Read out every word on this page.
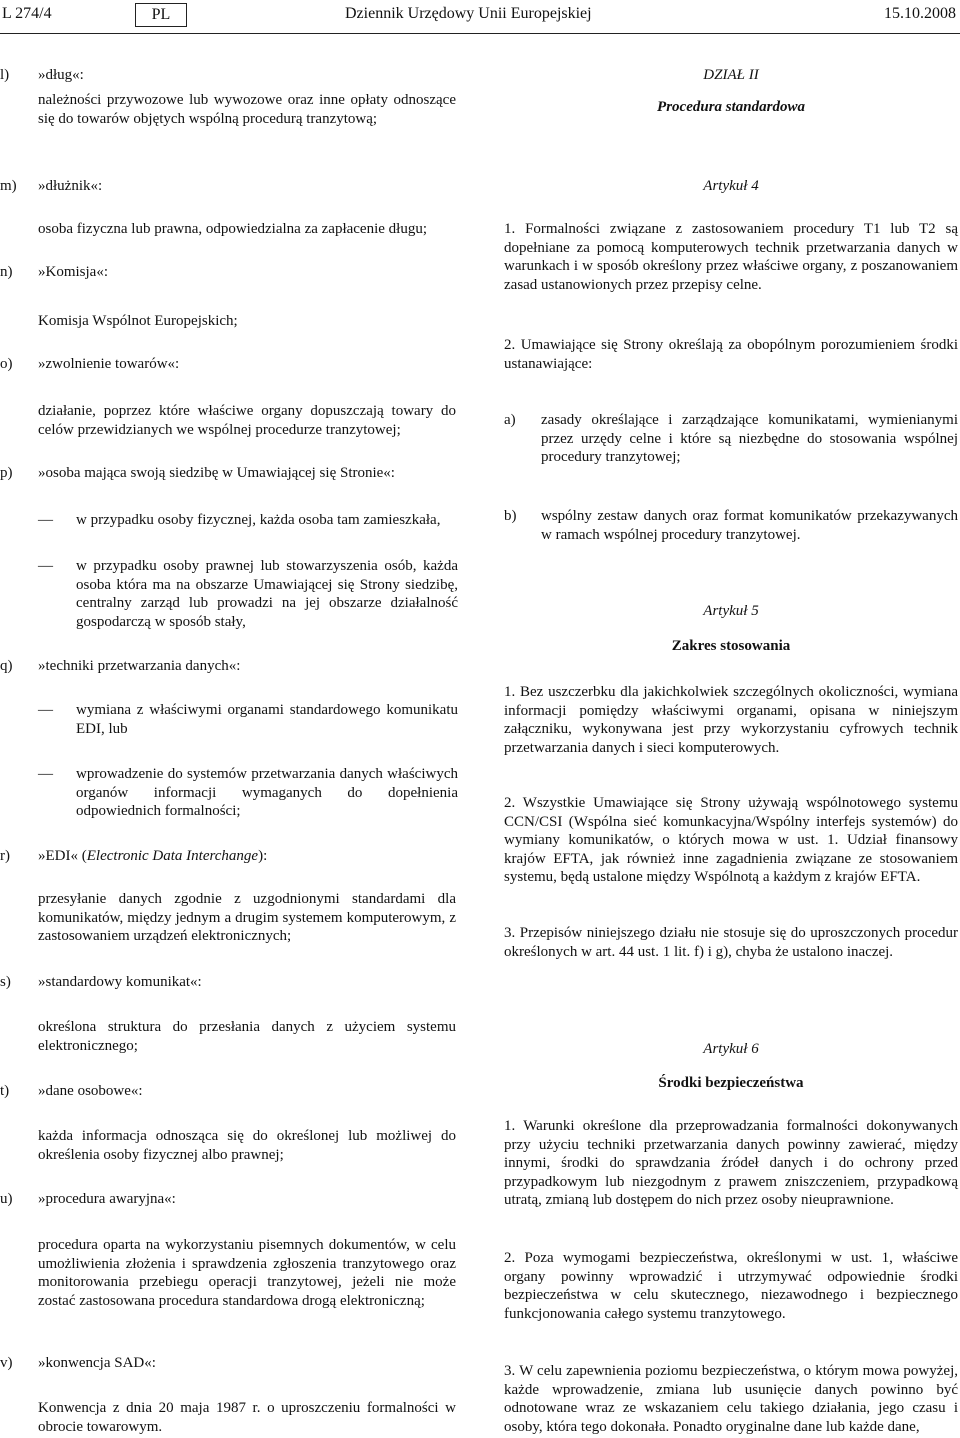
L 274/4	PL	Dziennik Urzędowy Unii Europejskiej	15.10.2008
l) »dług«:
należności przywozowe lub wywozowe oraz inne opłaty odnoszące się do towarów objętych wspólną procedurą tranzytową;
m) »dłużnik«:
osoba fizyczna lub prawna, odpowiedzialna za zapłacenie długu;
n) »Komisja«:
Komisja Wspólnot Europejskich;
o) »zwolnienie towarów«:
działanie, poprzez które właściwe organy dopuszczają towary do celów przewidzianych we wspólnej procedurze tranzytowej;
p) »osoba mająca swoją siedzibę w Umawiającej się Stronie«:
— w przypadku osoby fizycznej, każda osoba tam zamieszkała,
— w przypadku osoby prawnej lub stowarzyszenia osób, każda osoba która ma na obszarze Umawiającej się Strony siedzibę, centralny zarząd lub prowadzi na jej obszarze działalność gospodarczą w sposób stały,
q) »techniki przetwarzania danych«:
— wymiana z właściwymi organami standardowego komunikatu EDI, lub
— wprowadzenie do systemów przetwarzania danych właściwych organów informacji wymaganych do dopełnienia odpowiednich formalności;
r) »EDI« (Electronic Data Interchange):
przesyłanie danych zgodnie z uzgodnionymi standardami dla komunikatów, między jednym a drugim systemem komputerowym, z zastosowaniem urządzeń elektronicznych;
s) »standardowy komunikat«:
określona struktura do przesłania danych z użyciem systemu elektronicznego;
t) »dane osobowe«:
każda informacja odnosząca się do określonej lub możliwej do określenia osoby fizycznej albo prawnej;
u) »procedura awaryjna«:
procedura oparta na wykorzystaniu pisemnych dokumentów, w celu umożliwienia złożenia i sprawdzenia zgłoszenia tranzytowego oraz monitorowania przebiegu operacji tranzytowej, jeżeli nie może zostać zastosowana procedura standardowa drogą elektroniczną;
v) »konwencja SAD«:
Konwencja z dnia 20 maja 1987 r. o uproszczeniu formalności w obrocie towarowym.
DZIAŁ II
Procedura standardowa
Artykuł 4
1. Formalności związane z zastosowaniem procedury T1 lub T2 są dopełniane za pomocą komputerowych technik przetwarzania danych w warunkach i w sposób określony przez właściwe organy, z poszanowaniem zasad ustanowionych przez przepisy celne.
2. Umawiające się Strony określają za obopólnym porozumieniem środki ustanawiające:
a) zasady określające i zarządzające komunikatami, wymienianymi przez urzędy celne i które są niezbędne do stosowania wspólnej procedury tranzytowej;
b) wspólny zestaw danych oraz format komunikatów przekazywanych w ramach wspólnej procedury tranzytowej.
Artykuł 5
Zakres stosowania
1. Bez uszczerbku dla jakichkolwiek szczególnych okoliczności, wymiana informacji pomiędzy właściwymi organami, opisana w niniejszym załączniku, wykonywana jest przy wykorzystaniu cyfrowych technik przetwarzania danych i sieci komputerowych.
2. Wszystkie Umawiające się Strony używają wspólnotowego systemu CCN/CSI (Wspólna sieć komunkacyjna/Wspólny interfejs systemów) do wymiany komunikatów, o których mowa w ust. 1. Udział finansowy krajów EFTA, jak również inne zagadnienia związane ze stosowaniem systemu, będą ustalone między Wspólnotą a każdym z krajów EFTA.
3. Przepisów niniejszego działu nie stosuje się do uproszczonych procedur określonych w art. 44 ust. 1 lit. f) i g), chyba że ustalono inaczej.
Artykuł 6
Środki bezpieczeństwa
1. Warunki określone dla przeprowadzania formalności dokonywanych przy użyciu techniki przetwarzania danych powinny zawierać, między innymi, środki do sprawdzania źródeł danych i do ochrony przed przypadkowym lub niezgodnym z prawem zniszczeniem, przypadkową utratą, zmianą lub dostępem do nich przez osoby nieuprawnione.
2. Poza wymogami bezpieczeństwa, określonymi w ust. 1, właściwe organy powinny wprowadzić i utrzymywać odpowiednie środki bezpieczeństwa w celu skutecznego, niezawodnego i bezpiecznego funkcjonowania całego systemu tranzytowego.
3. W celu zapewnienia poziomu bezpieczeństwa, o którym mowa powyżej, każde wprowadzenie, zmiana lub usunięcie danych powinno być odnotowane wraz ze wskazaniem celu takiego działania, jego czasu i osoby, która tego dokonała. Ponadto oryginalne dane lub każde dane,
